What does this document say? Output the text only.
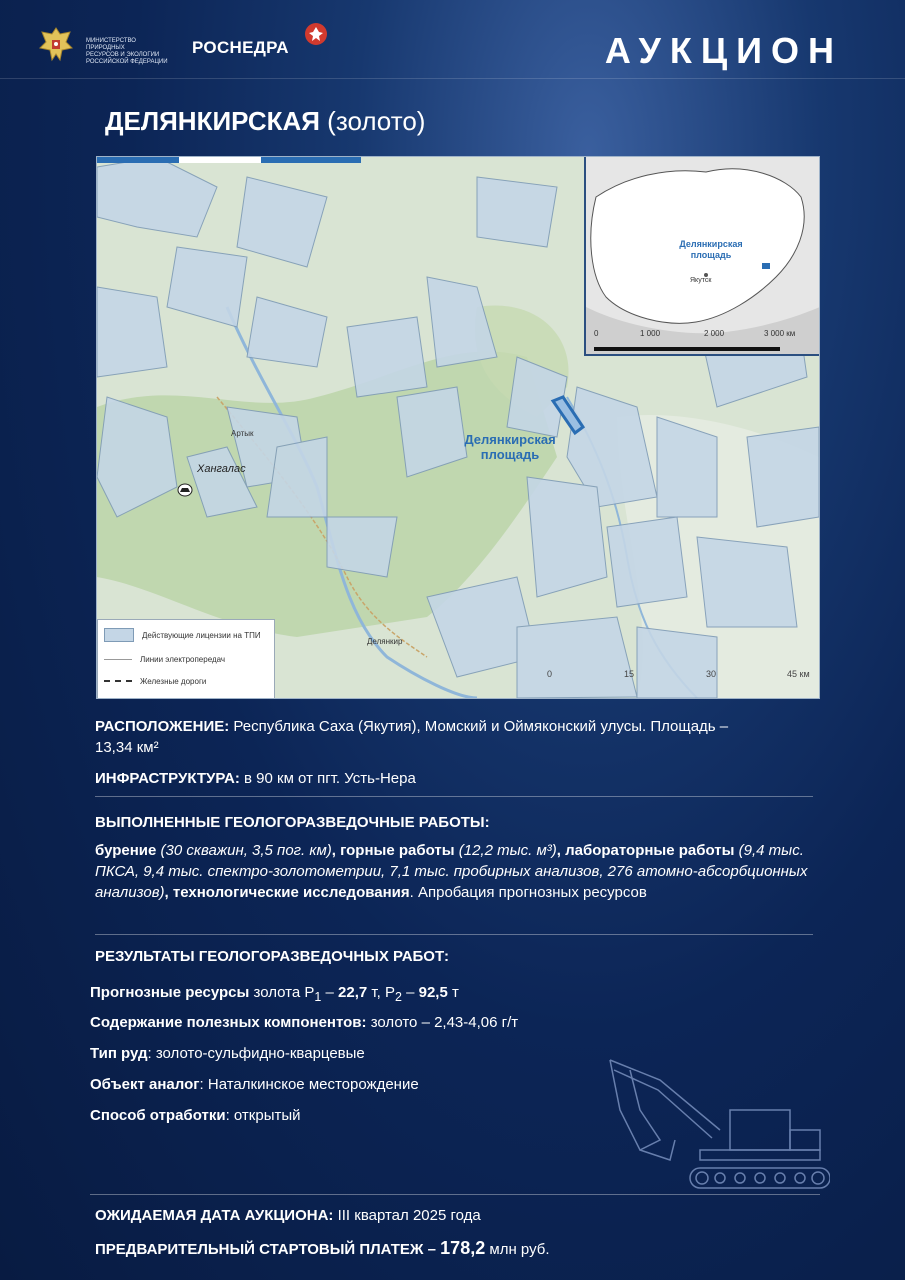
МИНИСТЕРСТВО ПРИРОДНЫХ
РЕСУРСОВ И ЭКОЛОГИИ
РОССИЙСКОЙ ФЕДЕРАЦИИ
РОСНЕДРА	АУКЦИОН
ДЕЛЯНКИРСКАЯ (золото)
Делянкирская
площадь
Артык
Хангалас
Делянкир
Делянкирская
площадь
Якутск
0	1 000	2 000	3 000 км
Действующие лицензии на ТПИ
Линии электропередач
Железные дороги
0	15	30	45 км
РАСПОЛОЖЕНИЕ: Республика Саха (Якутия), Момский и Оймяконский улусы. Площадь –
13,34 км²
ИНФРАСТРУКТУРА: в 90 км от пгт. Усть-Нера
ВЫПОЛНЕННЫЕ ГЕОЛОГОРАЗВЕДОЧНЫЕ РАБОТЫ:
бурение (30 скважин, 3,5 пог. км), горные работы (12,2 тыс. м³), лабораторные работы (9,4 тыс. ПКСА, 9,4 тыс. спектро-золотометрии, 7,1 тыс. пробирных анализов, 276 атомно-абсорбционных анализов), технологические исследования. Апробация прогнозных ресурсов
РЕЗУЛЬТАТЫ ГЕОЛОГОРАЗВЕДОЧНЫХ РАБОТ:
Прогнозные ресурсы золота $P_1 - 22,7$ т, $P_2 - 92,5$ т
Содержание полезных компонентов: золото – 2,43-4,06 г/т
Тип руд: золото-сульфидно-кварцевые
Объект аналог: Наталкинское месторождение
Способ отработки: открытый
ОЖИДАЕМАЯ ДАТА АУКЦИОНА: III квартал 2025 года
ПРЕДВАРИТЕЛЬНЫЙ СТАРТОВЫЙ ПЛАТЕЖ – 178,2 млн руб.
